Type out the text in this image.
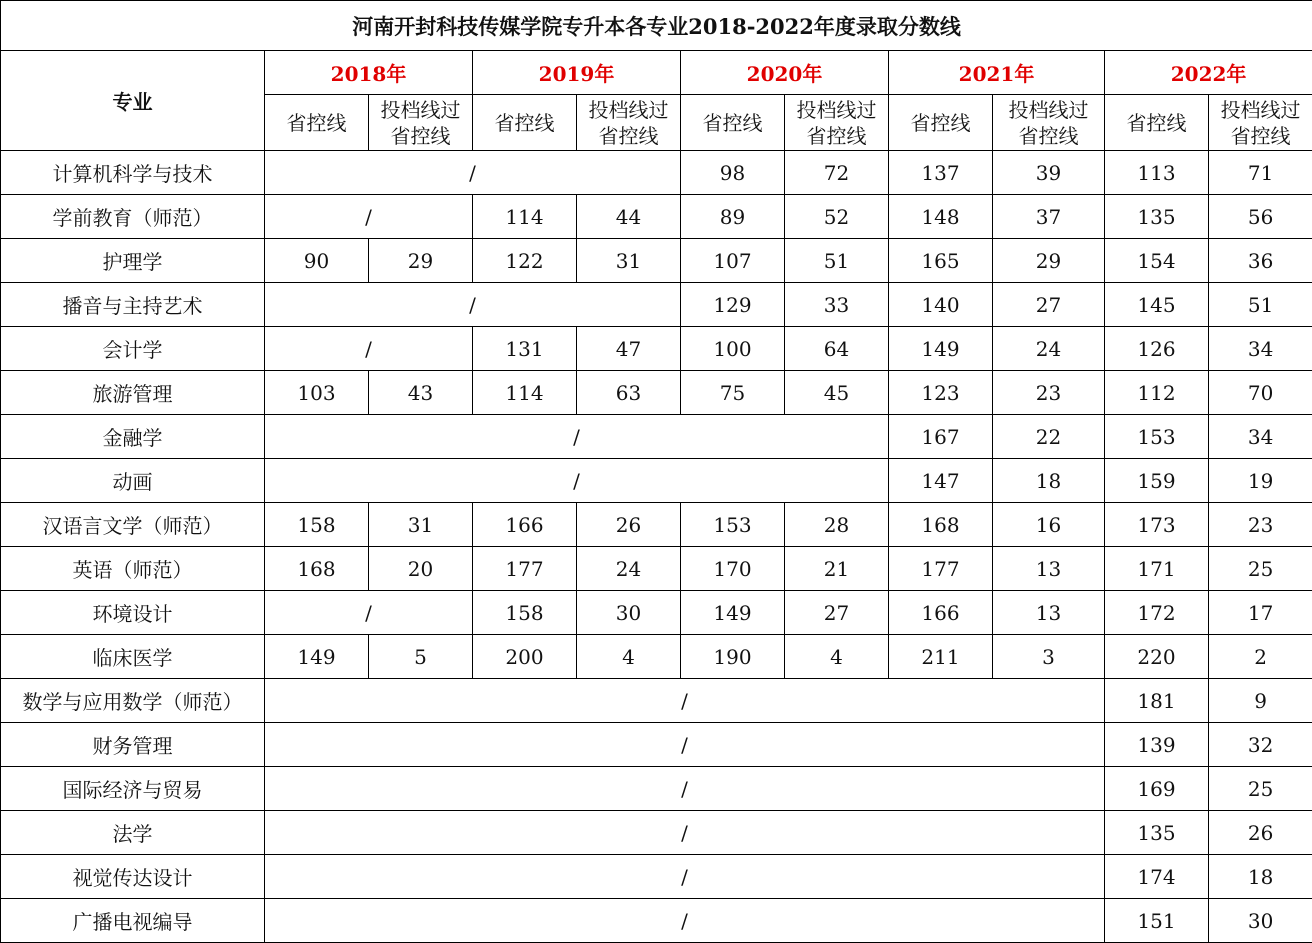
河南开封科技传媒学院专升本各专业2018-2022年度录取分数线										
专业	2018年		2019年		2020年		2021年		2022年	
	省控线	投档线过省控线	省控线	投档线过省控线	省控线	投档线过省控线	省控线	投档线过省控线	省控线	投档线过省控线
计算机科学与技术	/				98	72	137	39	113	71
学前教育（师范）	/		114	44	89	52	148	37	135	56
护理学	90	29	122	31	107	51	165	29	154	36
播音与主持艺术	/				129	33	140	27	145	51
会计学	/		131	47	100	64	149	24	126	34
旅游管理	103	43	114	63	75	45	123	23	112	70
金融学	/						167	22	153	34
动画	/						147	18	159	19
汉语言文学（师范）	158	31	166	26	153	28	168	16	173	23
英语（师范）	168	20	177	24	170	21	177	13	171	25
环境设计	/		158	30	149	27	166	13	172	17
临床医学	149	5	200	4	190	4	211	3	220	2
数学与应用数学（师范）	/								181	9
财务管理	/								139	32
国际经济与贸易	/								169	25
法学	/								135	26
视觉传达设计	/								174	18
广播电视编导	/								151	30
